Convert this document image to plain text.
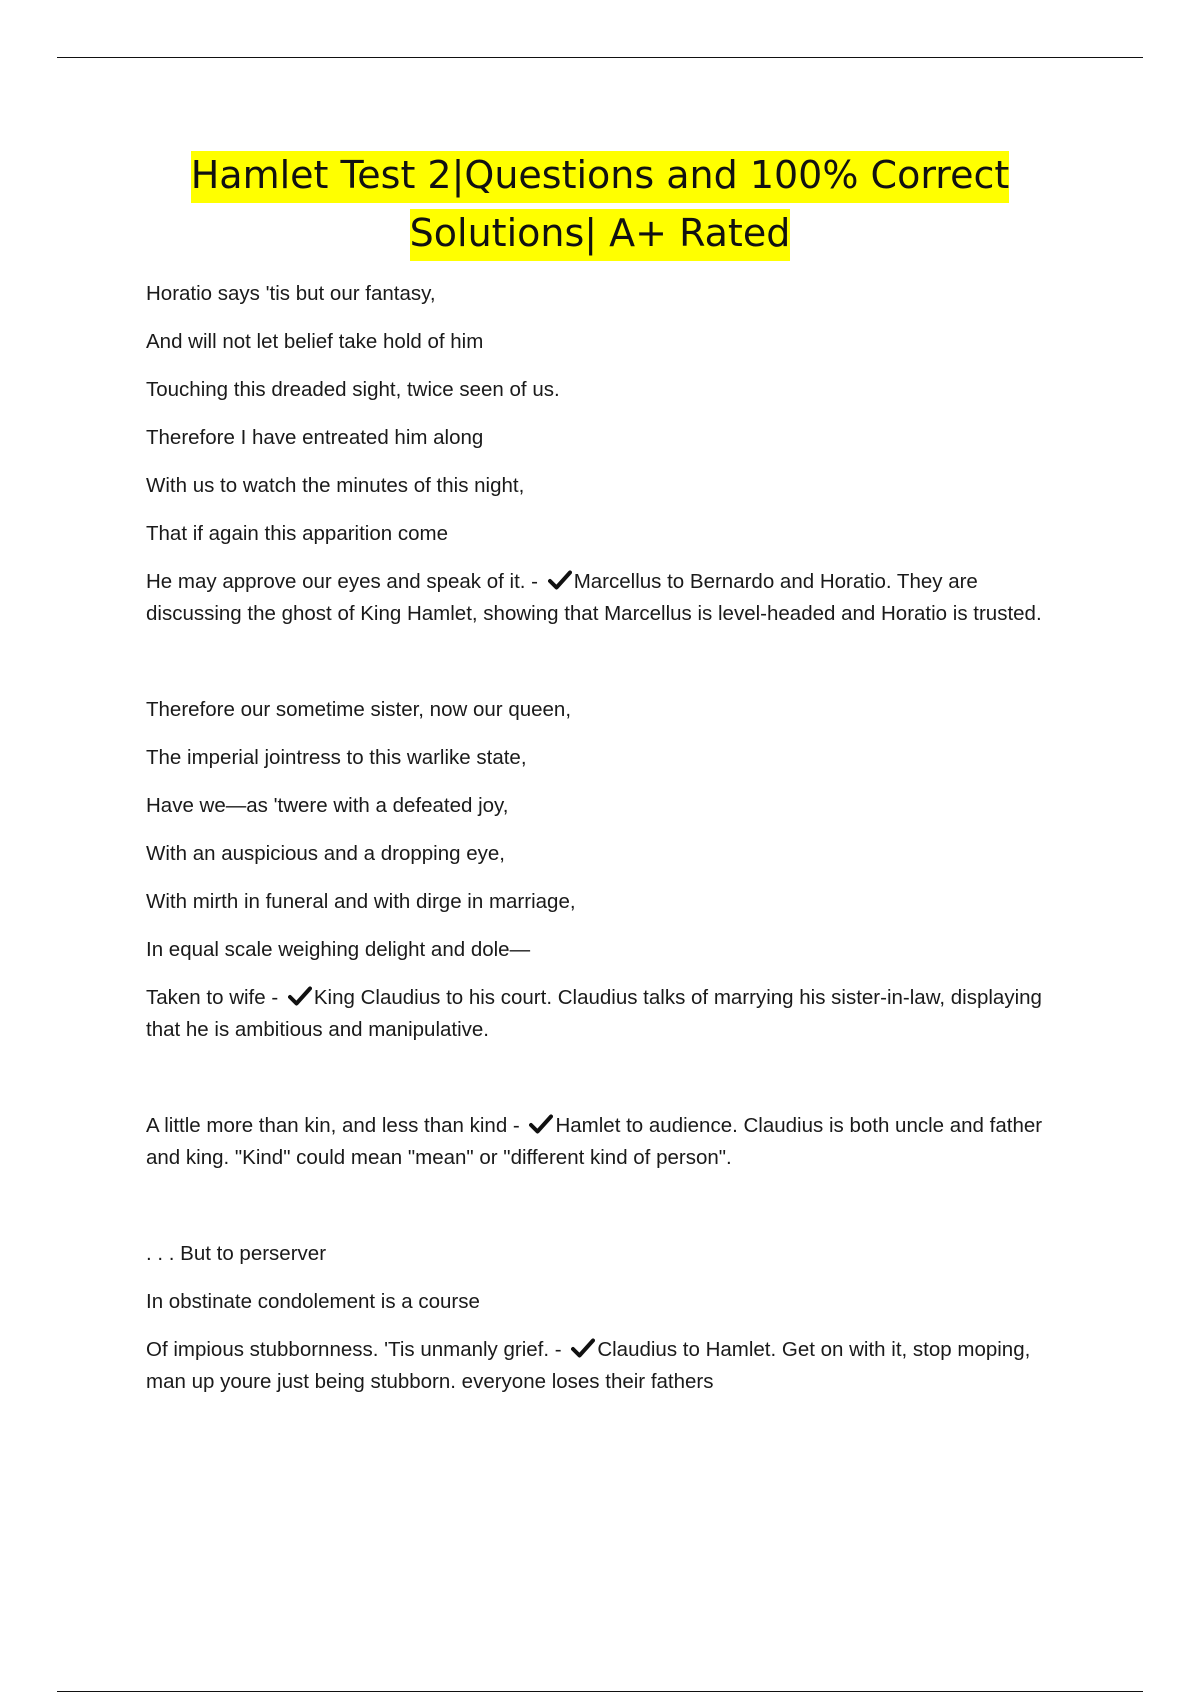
Hamlet Test 2|Questions and 100% Correct
Solutions| A+ Rated

Horatio says 'tis but our fantasy,

And will not let belief take hold of him

Touching this dreaded sight, twice seen of us.

Therefore I have entreated him along

With us to watch the minutes of this night,

That if again this apparition come

He may approve our eyes and speak of it. - Marcellus to Bernardo and Horatio. They are discussing the ghost of King Hamlet, showing that Marcellus is level-headed and Horatio is trusted.

Therefore our sometime sister, now our queen,

The imperial jointress to this warlike state,

Have we—as 'twere with a defeated joy,

With an auspicious and a dropping eye,

With mirth in funeral and with dirge in marriage,

In equal scale weighing delight and dole—

Taken to wife - King Claudius to his court. Claudius talks of marrying his sister-in-law, displaying that he is ambitious and manipulative.

A little more than kin, and less than kind - Hamlet to audience. Claudius is both uncle and father and king. "Kind" could mean "mean" or "different kind of person".

. . . But to perserver

In obstinate condolement is a course

Of impious stubbornness. 'Tis unmanly grief. - Claudius to Hamlet. Get on with it, stop moping, man up youre just being stubborn. everyone loses their fathers
